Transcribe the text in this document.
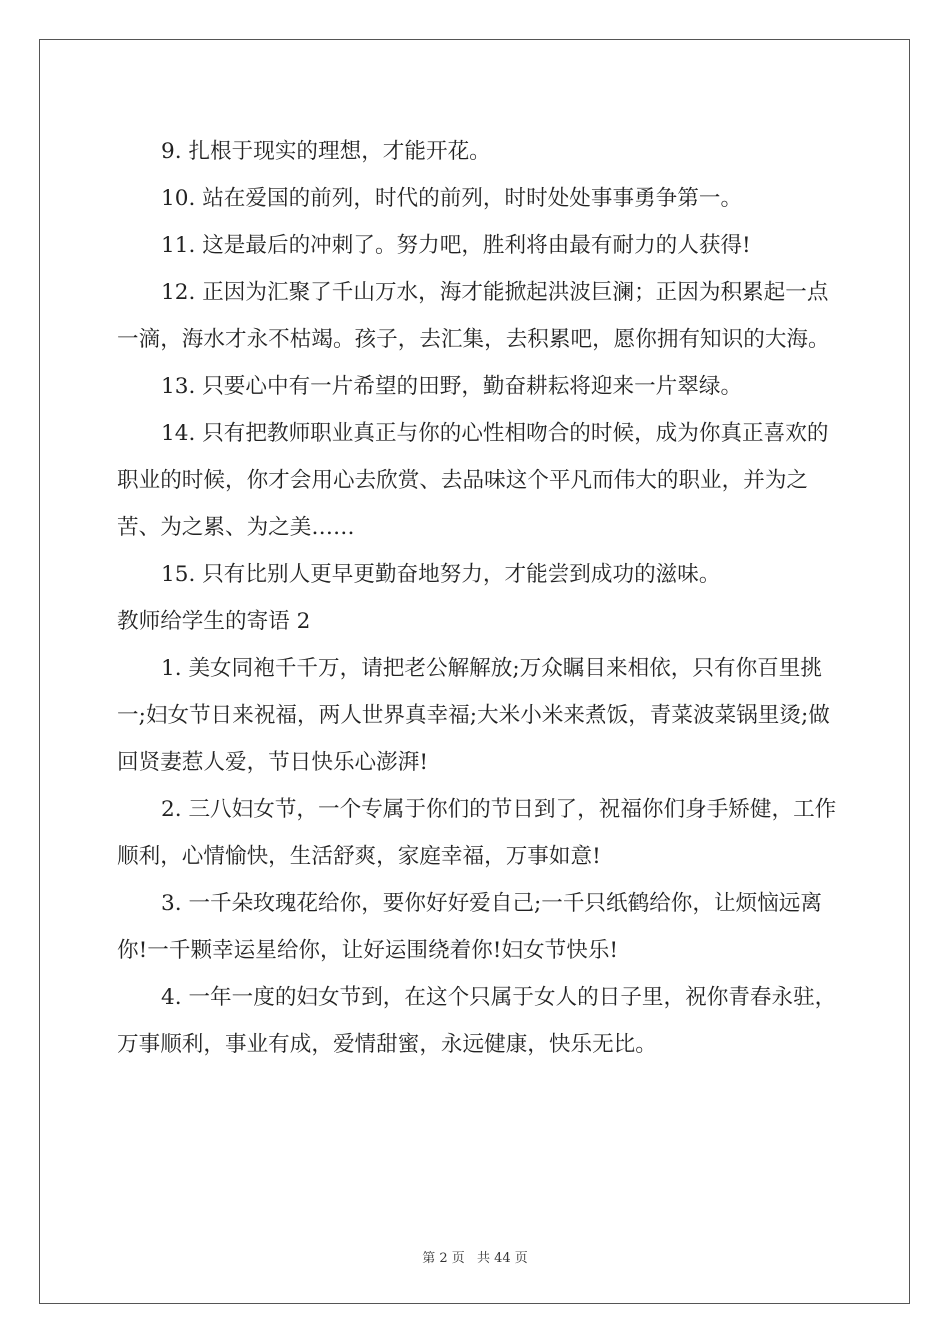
9. 扎根于现实的理想，才能开花。

10. 站在爱国的前列，时代的前列，时时处处事事勇争第一。

11. 这是最后的冲刺了。努力吧，胜利将由最有耐力的人获得!

12. 正因为汇聚了千山万水，海才能掀起洪波巨澜；正因为积累起一点一滴，海水才永不枯竭。孩子，去汇集，去积累吧，愿你拥有知识的大海。

13. 只要心中有一片希望的田野，勤奋耕耘将迎来一片翠绿。

14. 只有把教师职业真正与你的心性相吻合的时候，成为你真正喜欢的职业的时候，你才会用心去欣赏、去品味这个平凡而伟大的职业，并为之苦、为之累、为之美……

15. 只有比别人更早更勤奋地努力，才能尝到成功的滋味。

教师给学生的寄语 2

1. 美女同袍千千万，请把老公解解放;万众瞩目来相依，只有你百里挑一;妇女节日来祝福，两人世界真幸福;大米小米来煮饭，青菜波菜锅里烫;做回贤妻惹人爱，节日快乐心澎湃!

2. 三八妇女节，一个专属于你们的节日到了，祝福你们身手矫健，工作顺利，心情愉快，生活舒爽，家庭幸福，万事如意!

3. 一千朵玫瑰花给你，要你好好爱自己;一千只纸鹤给你，让烦恼远离你!一千颗幸运星给你，让好运围绕着你!妇女节快乐!

4. 一年一度的妇女节到，在这个只属于女人的日子里，祝你青春永驻，万事顺利，事业有成，爱情甜蜜，永远健康，快乐无比。

第 2 页 共 44 页
